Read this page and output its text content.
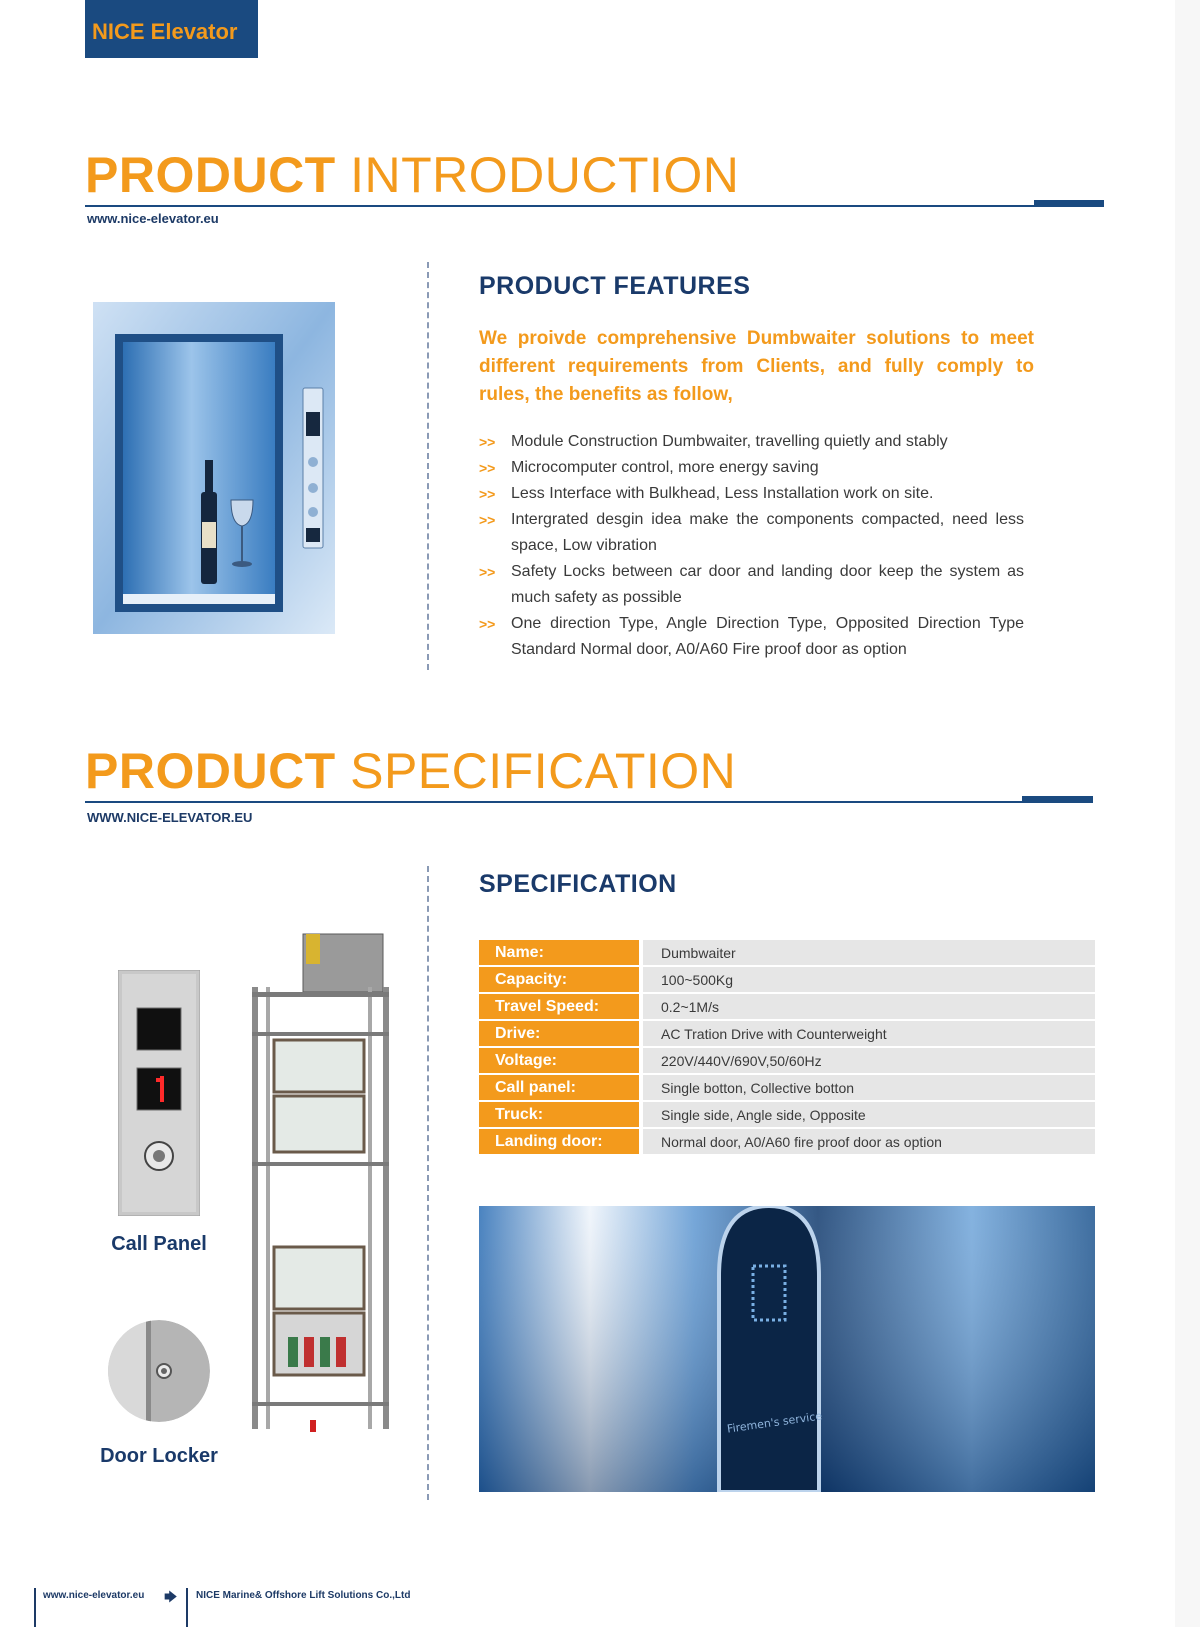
NICE Elevator
PRODUCT INTRODUCTION
www.nice-elevator.eu
PRODUCT FEATURES
We proivde comprehensive Dumbwaiter solutions to meet different requirements from Clients, and fully comply to rules, the benefits as follow,
>> Module Construction Dumbwaiter, travelling quietly and stably
>> Microcomputer control, more energy saving
>> Less Interface with Bulkhead, Less Installation work on site.
>> Intergrated desgin idea make the components compacted, need less space, Low vibration
>> Safety Locks between car door and landing door keep the system as much safety as possible
>> One direction Type, Angle Direction Type, Opposited Direction Type Standard Normal door, A0/A60 Fire proof door as option
PRODUCT SPECIFICATION
WWW.NICE-ELEVATOR.EU
Call Panel
Door Locker
SPECIFICATION
Name:	Dumbwaiter
Capacity:	100~500Kg
Travel Speed:	0.2~1M/s
Drive:	AC Tration Drive with Counterweight
Voltage:	220V/440V/690V,50/60Hz
Call panel:	Single botton, Collective botton
Truck:	Single side, Angle side, Opposite
Landing door:	Normal door, A0/A60 fire proof door as option
Firemen's service
www.nice-elevator.eu 🡆 NICE Marine& Offshore Lift Solutions Co.,Ltd
